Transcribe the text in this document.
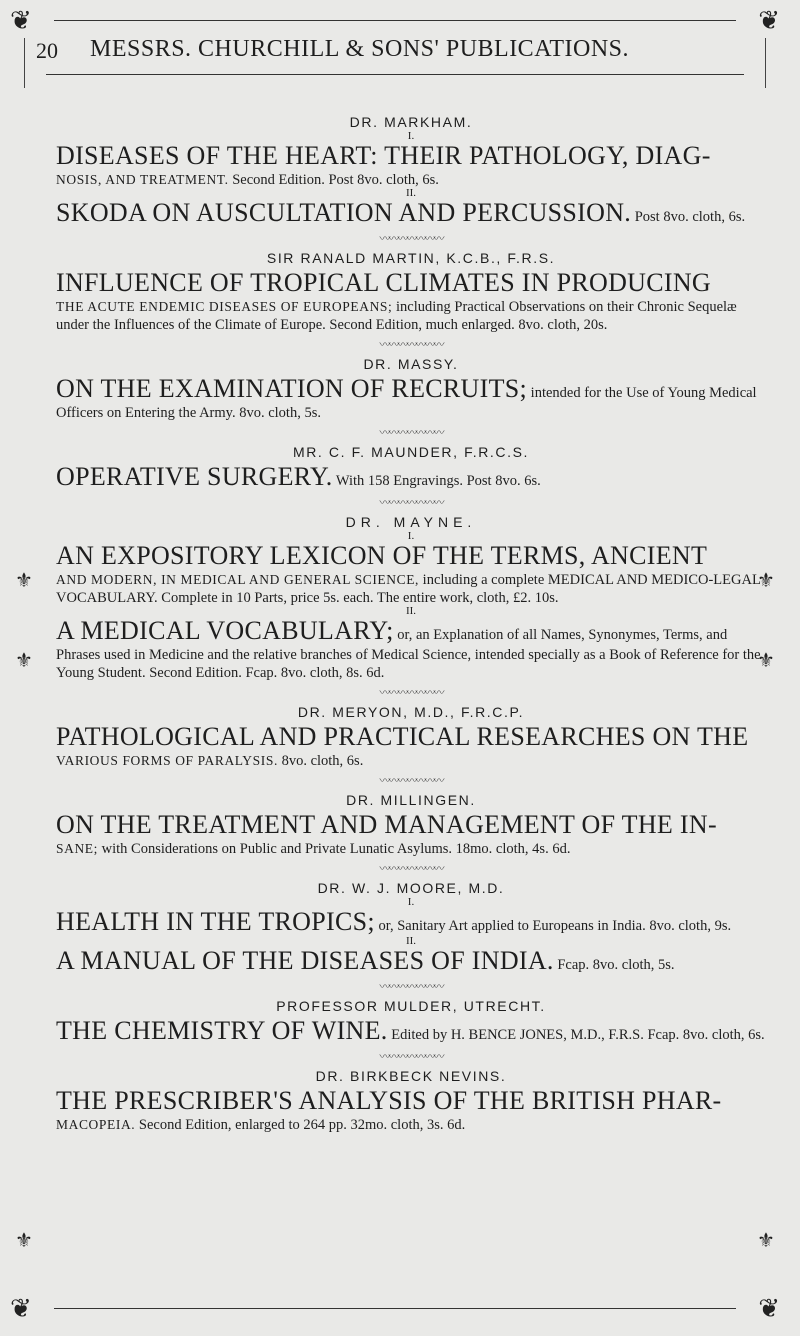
❦	❦
20 MESSRS. CHURCHILL & SONS' PUBLICATIONS.
⚜	⚜
⚜	⚜
⚜	⚜
DR. MARKHAM.
I.

DISEASES OF THE HEART: THEIR PATHOLOGY, DIAG-
NOSIS, AND TREATMENT. Second Edition. Post 8vo. cloth, 6s.

II.

SKODA ON AUSCULTATION AND PERCUSSION. Post 8vo. cloth, 6s.

〰〰〰〰〰〰〰
SIR RANALD MARTIN, K.C.B., F.R.S.

INFLUENCE OF TROPICAL CLIMATES IN PRODUCING
THE ACUTE ENDEMIC DISEASES OF EUROPEANS; including Practical Observations on their Chronic Sequelæ under the Influences of the Climate of Europe. Second Edition, much enlarged. 8vo. cloth, 20s.

〰〰〰〰〰〰〰
DR. MASSY.

ON THE EXAMINATION OF RECRUITS; intended for the Use of Young Medical Officers on Entering the Army. 8vo. cloth, 5s.

〰〰〰〰〰〰〰
MR. C. F. MAUNDER, F.R.C.S.

OPERATIVE SURGERY. With 158 Engravings. Post 8vo. 6s.

〰〰〰〰〰〰〰
DR. MAYNE.
I.

AN EXPOSITORY LEXICON OF THE TERMS, ANCIENT
AND MODERN, IN MEDICAL AND GENERAL SCIENCE, including a complete MEDICAL AND MEDICO-LEGAL VOCABULARY. Complete in 10 Parts, price 5s. each. The entire work, cloth, £2. 10s.

II.

A MEDICAL VOCABULARY; or, an Explanation of all Names, Synonymes, Terms, and Phrases used in Medicine and the relative branches of Medical Science, intended specially as a Book of Reference for the Young Student. Second Edition. Fcap. 8vo. cloth, 8s. 6d.

〰〰〰〰〰〰〰
DR. MERYON, M.D., F.R.C.P.

PATHOLOGICAL AND PRACTICAL RESEARCHES ON THE
VARIOUS FORMS OF PARALYSIS. 8vo. cloth, 6s.

〰〰〰〰〰〰〰
DR. MILLINGEN.

ON THE TREATMENT AND MANAGEMENT OF THE IN-
SANE; with Considerations on Public and Private Lunatic Asylums. 18mo. cloth, 4s. 6d.

〰〰〰〰〰〰〰
DR. W. J. MOORE, M.D.
I.

HEALTH IN THE TROPICS; or, Sanitary Art applied to Europeans in India. 8vo. cloth, 9s.

II.

A MANUAL OF THE DISEASES OF INDIA. Fcap. 8vo. cloth, 5s.

〰〰〰〰〰〰〰
PROFESSOR MULDER, UTRECHT.

THE CHEMISTRY OF WINE. Edited by H. BENCE JONES, M.D., F.R.S. Fcap. 8vo. cloth, 6s.

〰〰〰〰〰〰〰
DR. BIRKBECK NEVINS.

THE PRESCRIBER'S ANALYSIS OF THE BRITISH PHAR-
MACOPEIA. Second Edition, enlarged to 264 pp. 32mo. cloth, 3s. 6d.

❦	❦
